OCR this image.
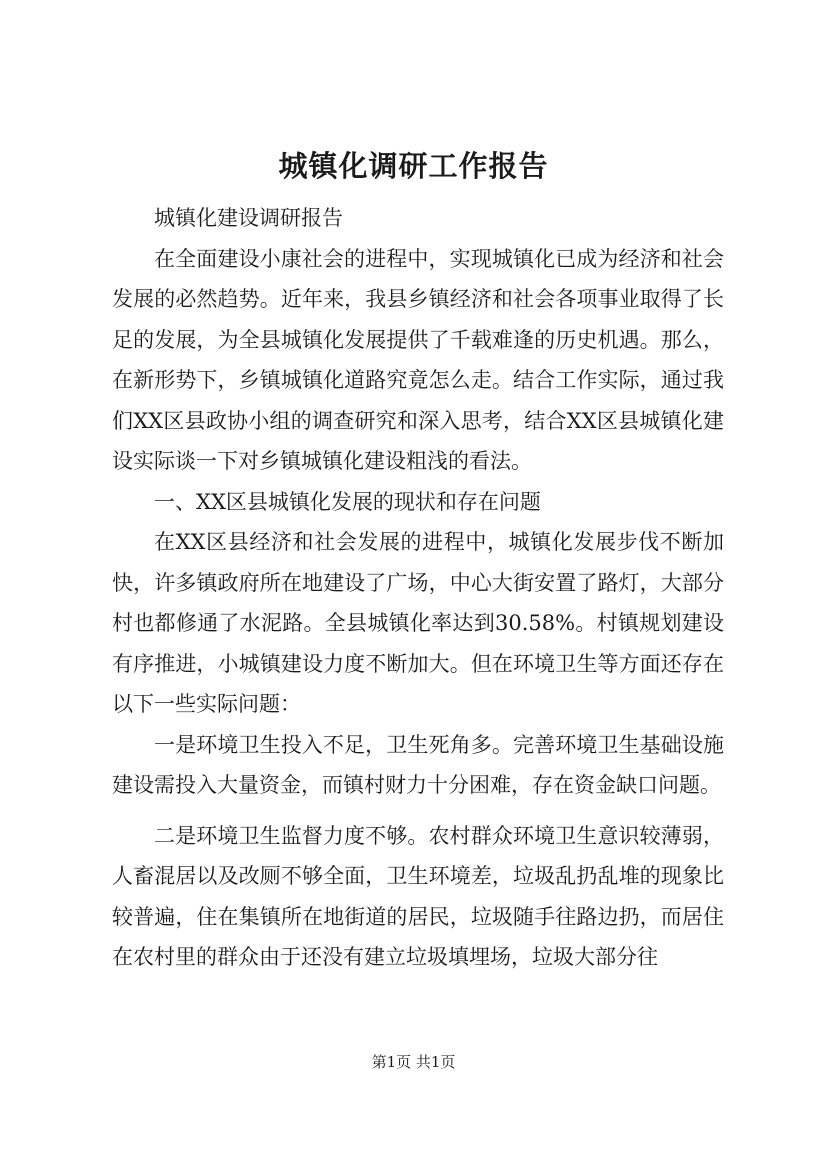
城镇化调研工作报告

城镇化建设调研报告

在全面建设小康社会的进程中，实现城镇化已成为经济和社会发展的必然趋势。近年来，我县乡镇经济和社会各项事业取得了长足的发展，为全县城镇化发展提供了千载难逢的历史机遇。那么，在新形势下，乡镇城镇化道路究竟怎么走。结合工作实际，通过我们XX区县政协小组的调查研究和深入思考，结合XX区县城镇化建设实际谈一下对乡镇城镇化建设粗浅的看法。

一、XX区县城镇化发展的现状和存在问题

在XX区县经济和社会发展的进程中，城镇化发展步伐不断加快，许多镇政府所在地建设了广场，中心大街安置了路灯，大部分村也都修通了水泥路。全县城镇化率达到30.58%。村镇规划建设有序推进，小城镇建设力度不断加大。但在环境卫生等方面还存在以下一些实际问题：

一是环境卫生投入不足，卫生死角多。完善环境卫生基础设施建设需投入大量资金，而镇村财力十分困难，存在资金缺口问题。

二是环境卫生监督力度不够。农村群众环境卫生意识较薄弱，人畜混居以及改厕不够全面，卫生环境差，垃圾乱扔乱堆的现象比较普遍，住在集镇所在地街道的居民，垃圾随手往路边扔，而居住在农村里的群众由于还没有建立垃圾填埋场，垃圾大部分往

第1页 共1页
